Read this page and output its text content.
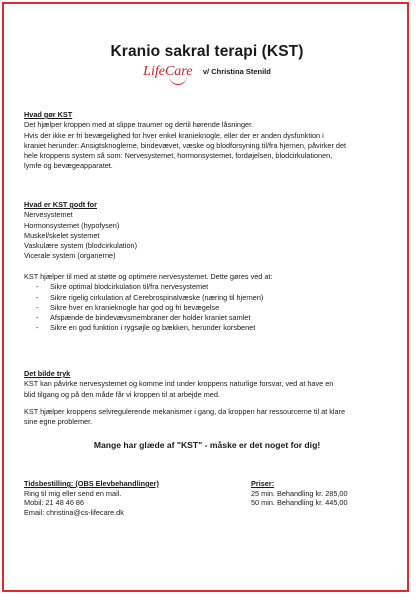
Kranio sakral terapi (KST)
LifeCare v/ Christina Stenild
Hvad gør KST
Det hjælper kroppen med at slippe traumer og dertil hørende låsninger.
Hvis der ikke er fri bevægelighed for hver enkel kranieknogle, eller der er anden dysfunktion i
kraniet herunder: Ansigtsknoglerne, bindevævet, væske og blodforsyning til/fra hjernen, påvirker det
hele kroppens system så som: Nervesystemet, hormonsystemet, fordøjelsen, blodcirkulationen,
lymfe og bevægeapparatet.
Hvad er KST godt for
Nervesystemet
Hormonsystemet (hypofysen)
Muskel/skelet systemet
Vaskulære system (blodcirkulation)
Vicerale system (organerne)
KST hjælper til med at støtte og optimere nervesystemet. Dette gøres ved at:
- Sikre optimal blodcirkulation til/fra nervesystemet
- Sikre rigelig cirkulation af Cerebrospinalvæske (næring til hjernen)
- Sikre hver en kranieknogle har god og fri bevægelse
- Afspænde de bindevævsmembraner der holder kraniet samlet
- Sikre en god funktion i rygsøjle og bækken, herunder korsbenet
Det bilde tryk
KST kan påvirke nervesystemet og komme ind under kroppens naturlige forsvar, ved at have en
blid tilgang og på den måde får vi kroppen til at arbejde med.
KST hjælper kroppens selvregulerende mekanismer i gang, da kroppen har ressourcerne til at klare
sine egne problemer.
Mange har glæde af "KST" - måske er det noget for dig!
Tidsbestilling: (OBS Elevbehandlinger)
Ring til mig eller send en mail.
Mobil: 21 48 46 86
Email: christina@cs-lifecare.dk
Priser:
25 min. Behandling kr. 285,00
50 min. Behandling kr. 445,00
